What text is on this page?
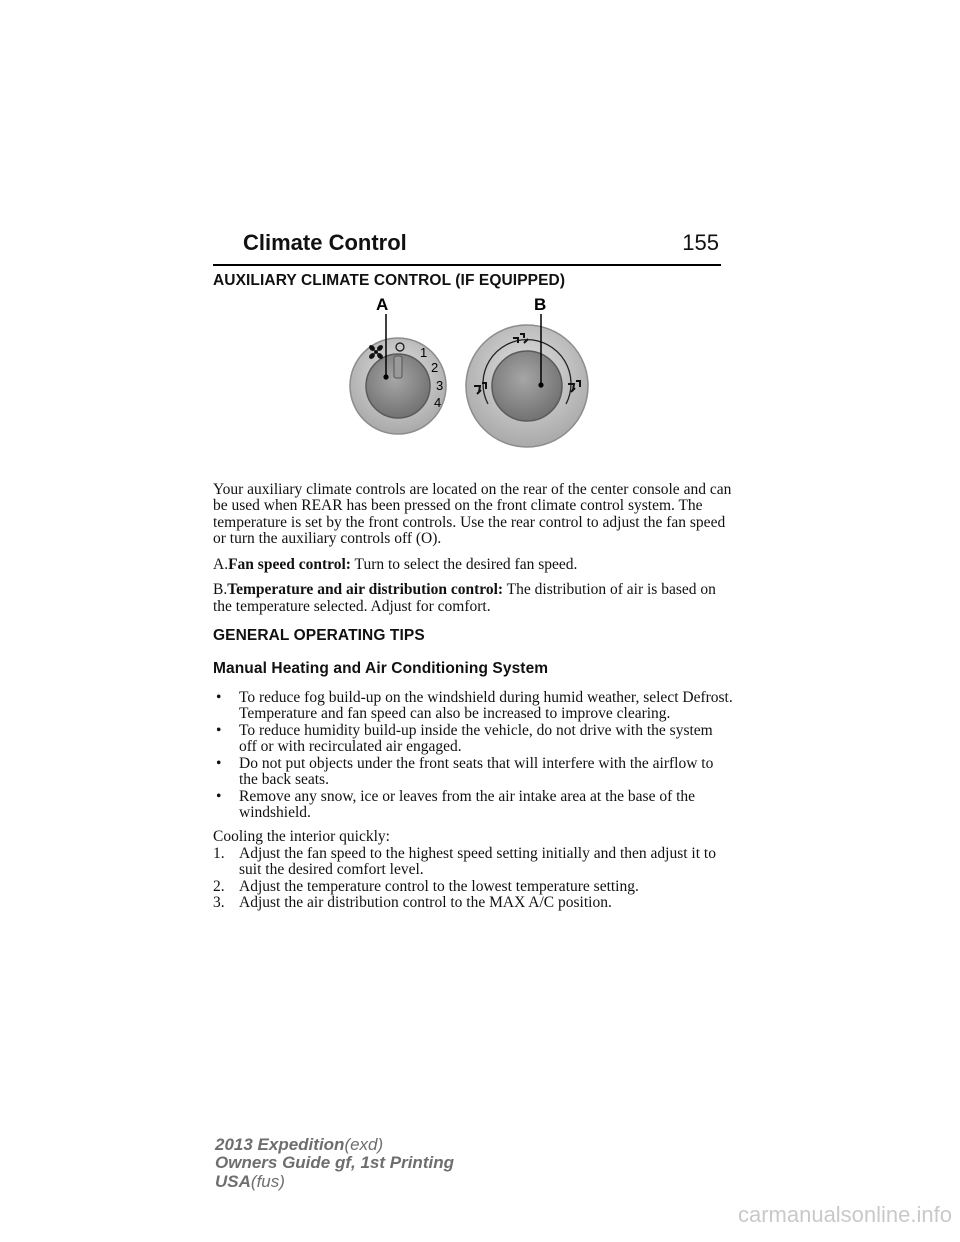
Climate Control	155
AUXILIARY CLIMATE CONTROL (IF EQUIPPED)
1
2
3
4
A	B

Your auxiliary climate controls are located on the rear of the center console and can be used when REAR has been pressed on the front climate control system. The temperature is set by the front controls. Use the rear control to adjust the fan speed or turn the auxiliary controls off (O).

A.Fan speed control: Turn to select the desired fan speed.

B.Temperature and air distribution control: The distribution of air is based on the temperature selected. Adjust for comfort.

GENERAL OPERATING TIPS
Manual Heating and Air Conditioning System
• To reduce fog build-up on the windshield during humid weather, select Defrost. Temperature and fan speed can also be increased to improve clearing.
• To reduce humidity build-up inside the vehicle, do not drive with the system off or with recirculated air engaged.
• Do not put objects under the front seats that will interfere with the airflow to the back seats.
• Remove any snow, ice or leaves from the air intake area at the base of the windshield.
Cooling the interior quickly:
1. Adjust the fan speed to the highest speed setting initially and then adjust it to suit the desired comfort level.
2. Adjust the temperature control to the lowest temperature setting.
3. Adjust the air distribution control to the MAX A/C position.
2013 Expedition(exd)
Owners Guide gf, 1st Printing
USA(fus)
carmanualsonline.info
